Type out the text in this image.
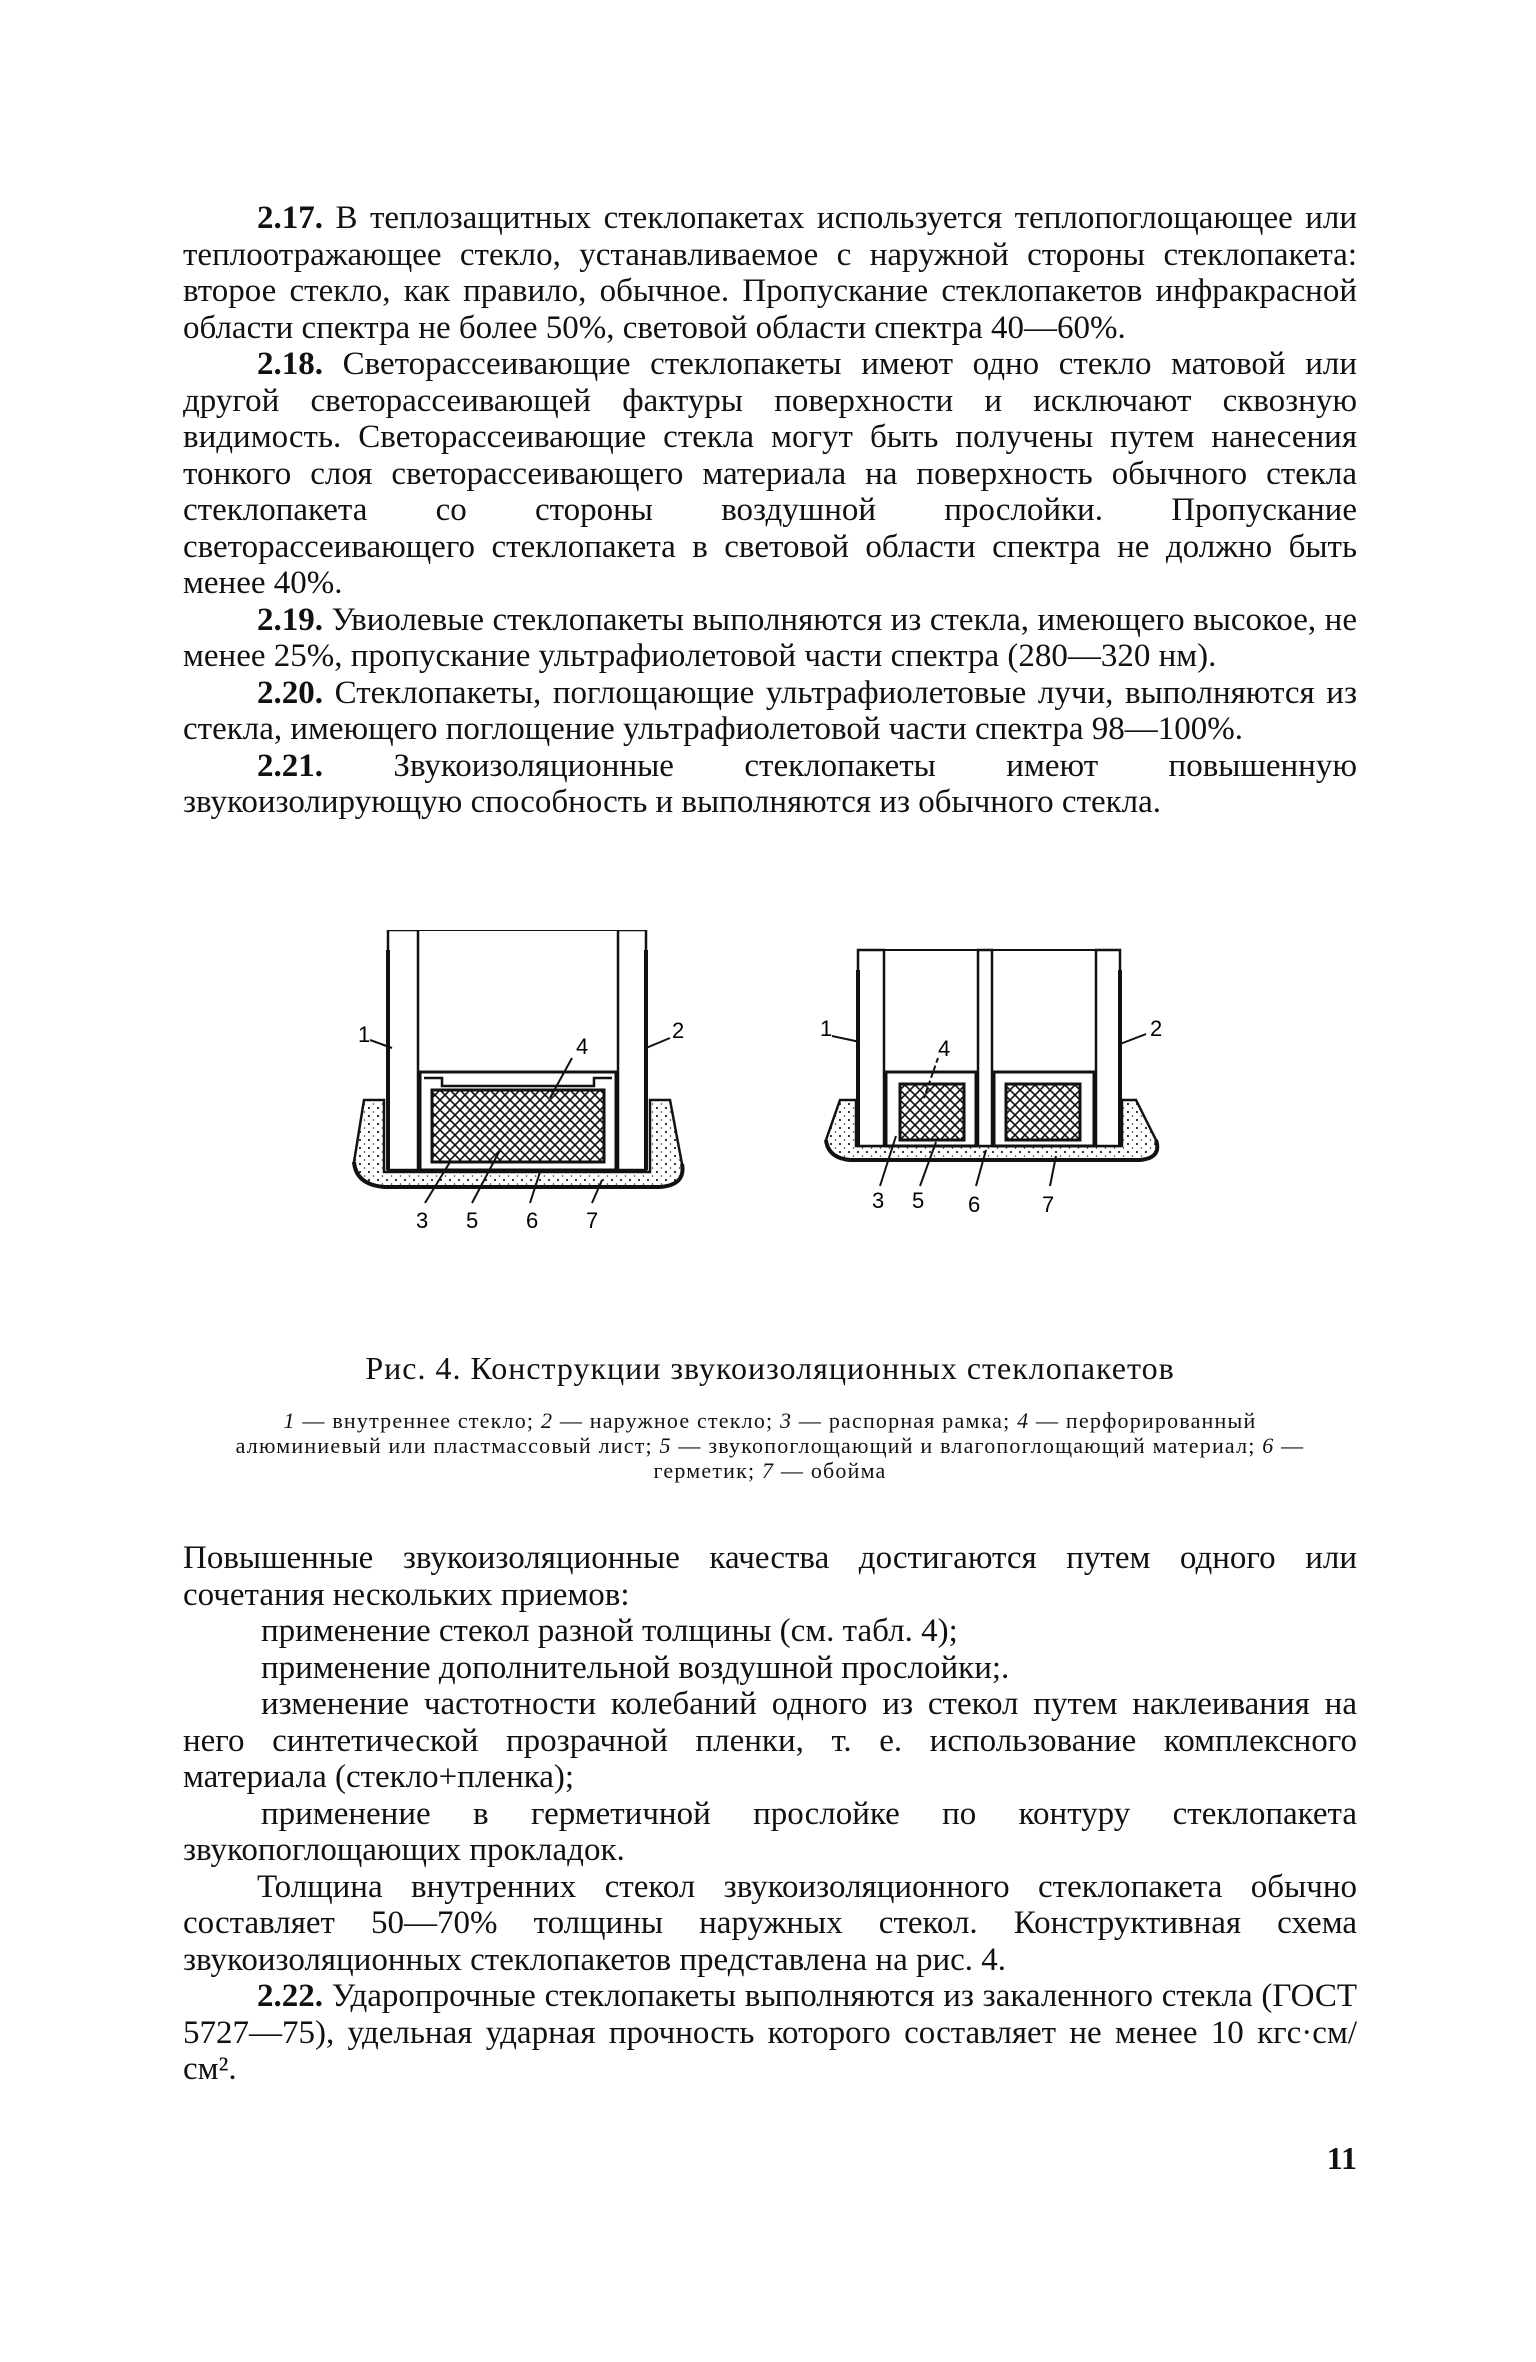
2.17. В теплозащитных стеклопакетах используется теплопоглощающее или теплоотражающее стекло, устанавливаемое с наружной стороны стеклопакета: второе стекло, как правило, обычное. Пропускание стеклопакетов инфракрасной области спектра не более 50%, световой области спектра 40—60%.

2.18. Светорассеивающие стеклопакеты имеют одно стекло матовой или другой светорассеивающей фактуры поверхности и исключают сквозную видимость. Светорассеивающие стекла могут быть получены путем нанесения тонкого слоя светорассеивающего материала на поверхность обычного стекла стеклопакета со стороны воздушной прослойки. Пропускание светорассеивающего стеклопакета в световой области спектра не должно быть менее 40%.

2.19. Увиолевые стеклопакеты выполняются из стекла, имеющего высокое, не менее 25%, пропускание ультрафиолетовой части спектра (280—320 нм).

2.20. Стеклопакеты, поглощающие ультрафиолетовые лучи, выполняются из стекла, имеющего поглощение ультрафиолетовой части спектра 98—100%.

2.21. Звукоизоляционные стеклопакеты имеют повышенную звукоизолирующую способность и выполняются из обычного стекла.

1	2
4
3 5 6 7
1	2
4
3 5 6	7
Рис. 4. Конструкции звукоизоляционных стеклопакетов
1 — внутреннее стекло; 2 — наружное стекло; 3 — распорная рамка; 4 — перфорированный алюминиевый или пластмассовый лист; 5 — звукопоглощающий и влагопоглощающий материал; 6 — герметик; 7 — обойма

Повышенные звукоизоляционные качества достигаются путем одного или сочетания нескольких приемов:

применение стекол разной толщины (см. табл. 4);

применение дополнительной воздушной прослойки;.

изменение частотности колебаний одного из стекол путем наклеивания на него синтетической прозрачной пленки, т. е. использование комплексного материала (стекло+пленка);

применение в герметичной прослойке по контуру стеклопакета звукопоглощающих прокладок.

Толщина внутренних стекол звукоизоляционного стеклопакета обычно составляет 50—70% толщины наружных стекол. Конструктивная схема звукоизоляционных стеклопакетов представлена на рис. 4.

2.22. Ударопрочные стеклопакеты выполняются из закаленного стекла (ГОСТ 5727—75), удельная ударная прочность которого составляет не менее 10 кгс·см/см².

11
